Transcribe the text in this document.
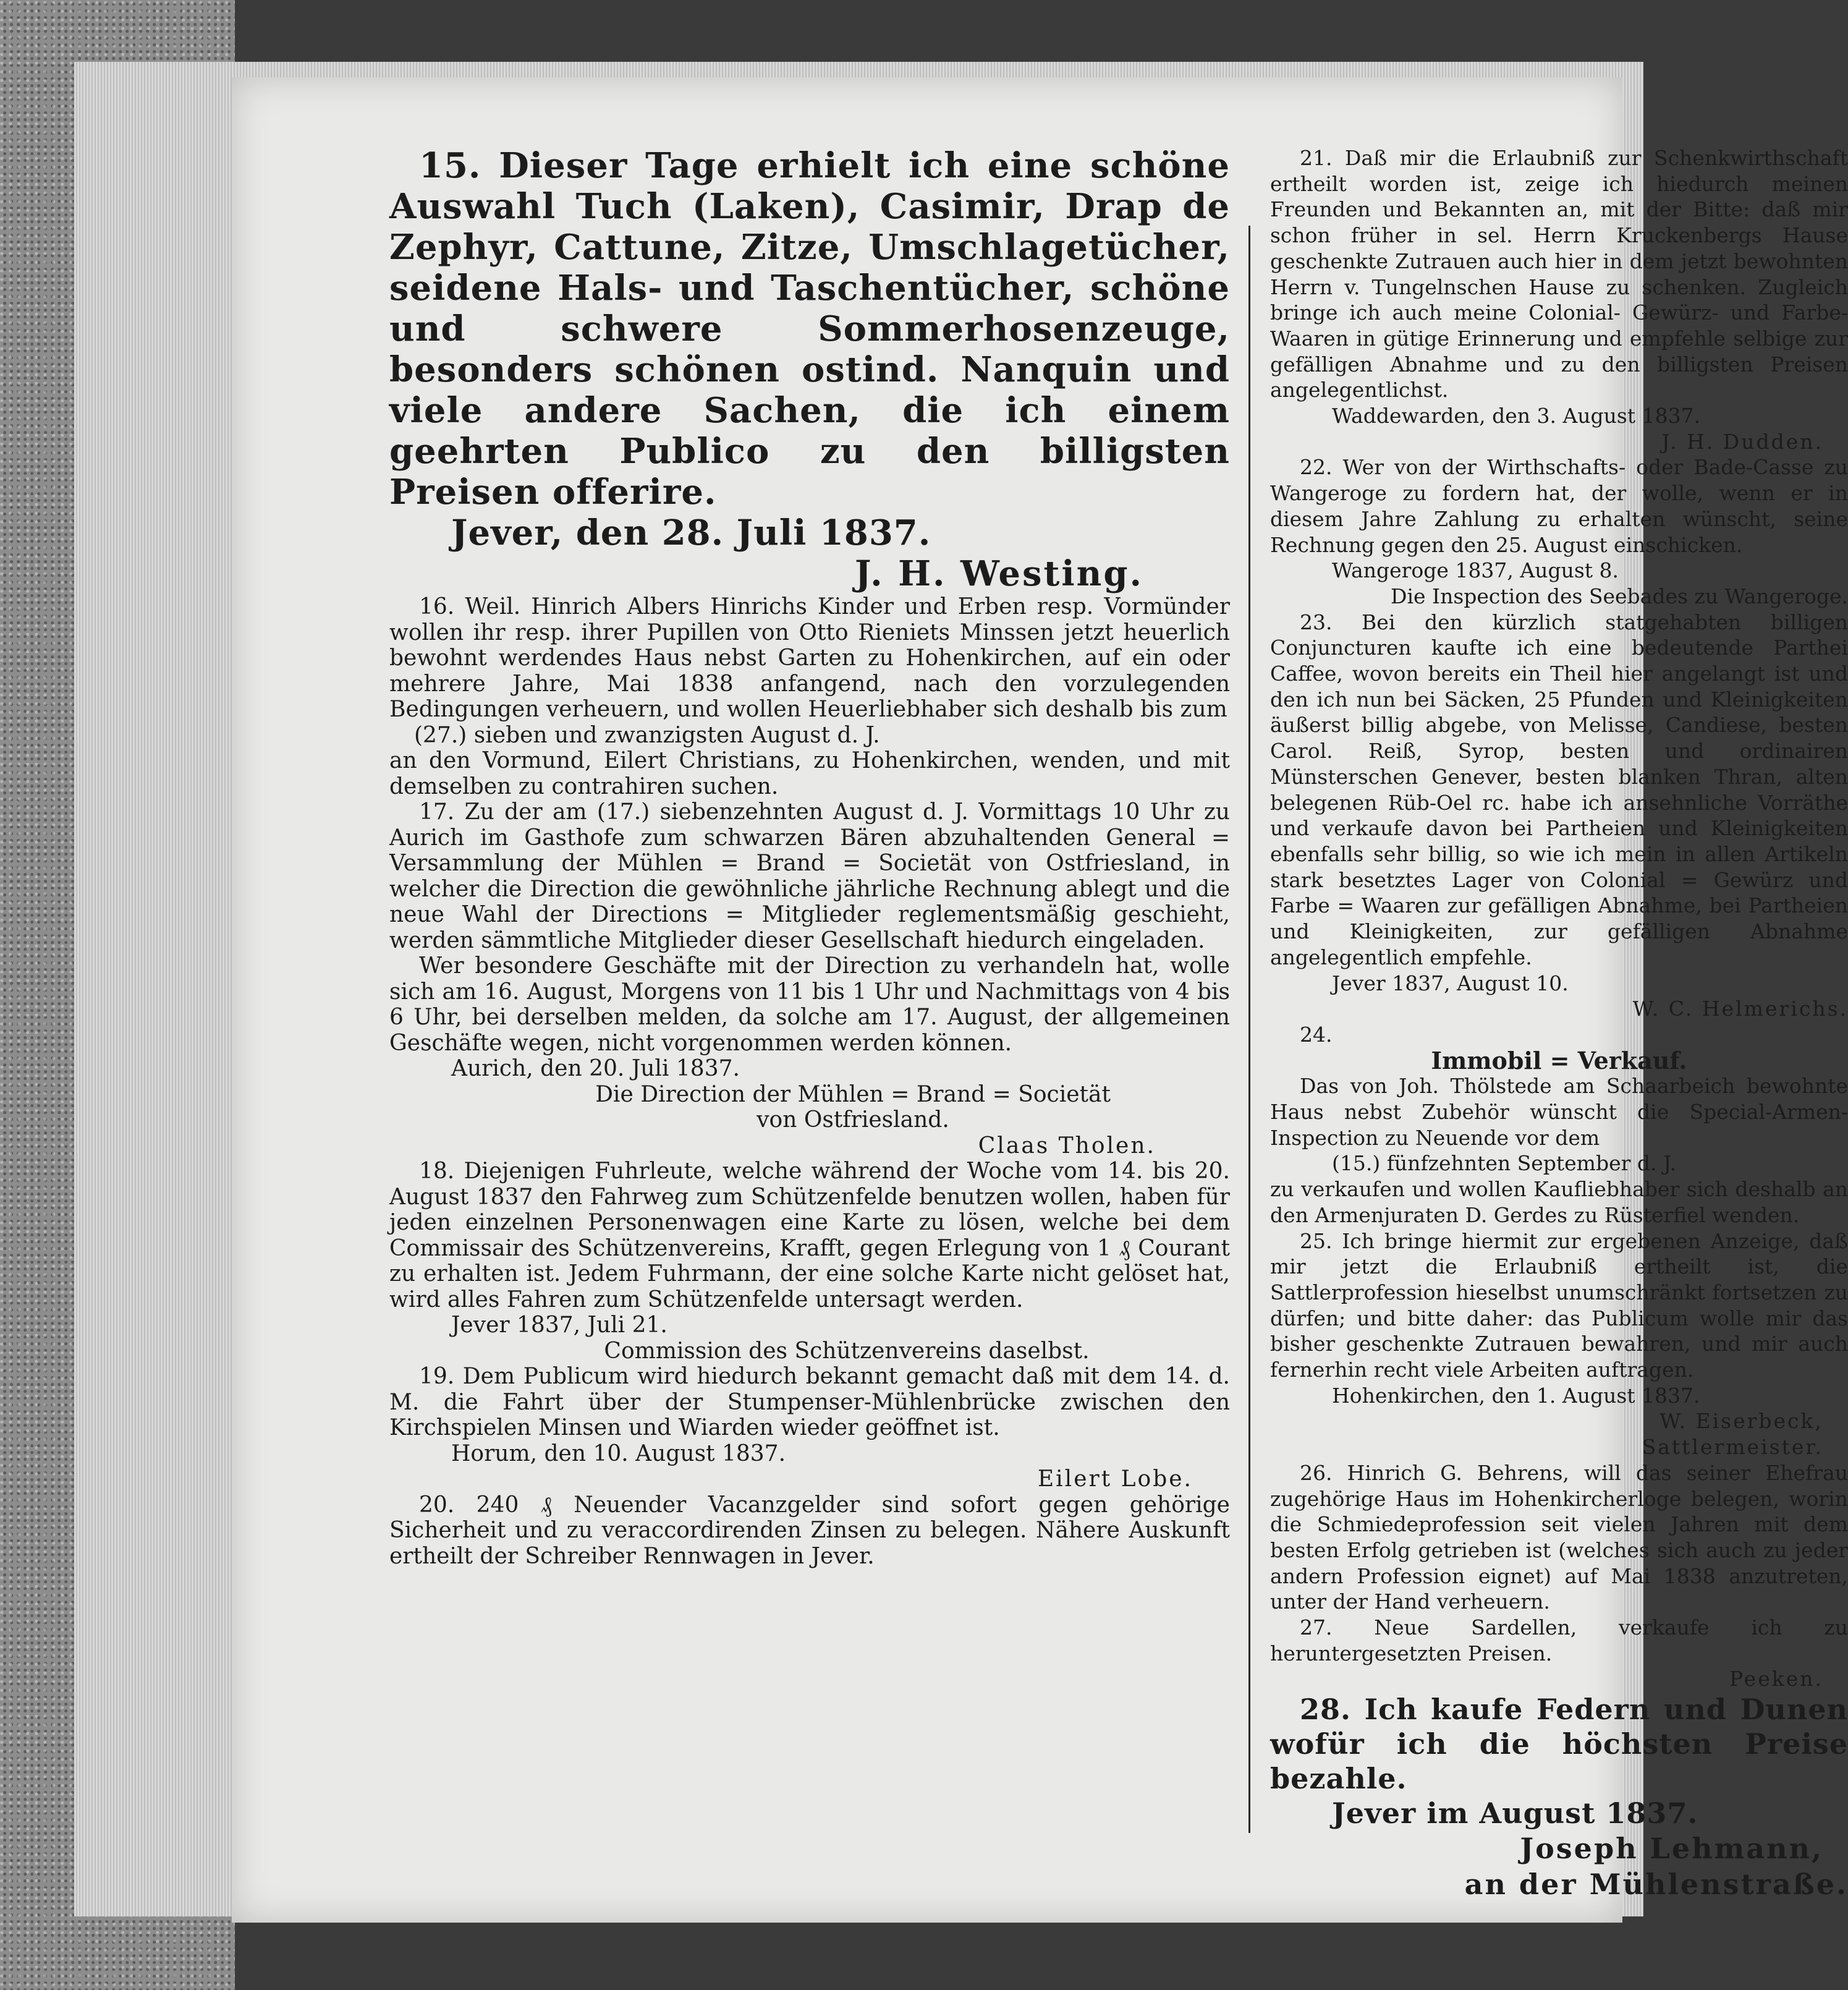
15. Dieser Tage erhielt ich eine schöne Auswahl Tuch (Laken), Casimir, Drap de Zephyr, Cattune, Zitze, Umschlagetücher, seidene Hals- und Taschentücher, schöne und schwere Sommerhosenzeuge, besonders schönen ostind. Nanquin und viele andere Sachen, die ich einem geehrten Publico zu den billigsten Preisen offerire.

Jever, den 28. Juli 1837.

J. H. Westing.

16. Weil. Hinrich Albers Hinrichs Kinder und Erben resp. Vormünder wollen ihr resp. ihrer Pupillen von Otto Rieniets Minssen jetzt heuerlich bewohnt werdendes Haus nebst Garten zu Hohenkirchen, auf ein oder mehrere Jahre, Mai 1838 anfangend, nach den vorzulegenden Bedingungen verheuern, und wollen Heuerliebhaber sich deshalb bis zum

(27.) sieben und zwanzigsten August d. J.

an den Vormund, Eilert Christians, zu Hohenkirchen, wenden, und mit demselben zu contrahiren suchen.

17. Zu der am (17.) siebenzehnten August d. J. Vormittags 10 Uhr zu Aurich im Gasthofe zum schwarzen Bären abzuhaltenden General = Versammlung der Mühlen = Brand = Societät von Ostfriesland, in welcher die Direction die gewöhnliche jährliche Rechnung ablegt und die neue Wahl der Directions = Mitglieder reglementsmäßig geschieht, werden sämmtliche Mitglieder dieser Gesellschaft hiedurch eingeladen.

Wer besondere Geschäfte mit der Direction zu verhandeln hat, wolle sich am 16. August, Morgens von 11 bis 1 Uhr und Nachmittags von 4 bis 6 Uhr, bei derselben melden, da solche am 17. August, der allgemeinen Geschäfte wegen, nicht vorgenommen werden können.

Aurich, den 20. Juli 1837.

Die Direction der Mühlen = Brand = Societät

von Ostfriesland.

Claas Tholen.

18. Diejenigen Fuhrleute, welche während der Woche vom 14. bis 20. August 1837 den Fahrweg zum Schützenfelde benutzen wollen, haben für jeden einzelnen Personenwagen eine Karte zu lösen, welche bei dem Commissair des Schützenvereins, Krafft, gegen Erlegung von 1 ₰ Courant zu erhalten ist. Jedem Fuhrmann, der eine solche Karte nicht gelöset hat, wird alles Fahren zum Schützenfelde untersagt werden.

Jever 1837, Juli 21.

Commission des Schützenvereins daselbst.

19. Dem Publicum wird hiedurch bekannt gemacht daß mit dem 14. d. M. die Fahrt über der Stumpenser-Mühlenbrücke zwischen den Kirchspielen Minsen und Wiarden wieder geöffnet ist.

Horum, den 10. August 1837.

Eilert Lobe.

20. 240 ₰ Neuender Vacanzgelder sind sofort gegen gehörige Sicherheit und zu veraccordirenden Zinsen zu belegen. Nähere Auskunft ertheilt der Schreiber Rennwagen in Jever.

21. Daß mir die Erlaubniß zur Schenkwirthschaft ertheilt worden ist, zeige ich hiedurch meinen Freunden und Bekannten an, mit der Bitte: daß mir schon früher in sel. Herrn Kruckenbergs Hause geschenkte Zutrauen auch hier in dem jetzt bewohnten Herrn v. Tungelnschen Hause zu schenken. Zugleich bringe ich auch meine Colonial- Gewürz- und Farbe-Waaren in gütige Erinnerung und empfehle selbige zur gefälligen Abnahme und zu den billigsten Preisen angelegentlichst.

Waddewarden, den 3. August 1837.

J. H. Dudden.

22. Wer von der Wirthschafts- oder Bade-Casse zu Wangeroge zu fordern hat, der wolle, wenn er in diesem Jahre Zahlung zu erhalten wünscht, seine Rechnung gegen den 25. August einschicken.

Wangeroge 1837, August 8.

Die Inspection des Seebades zu Wangeroge.

23. Bei den kürzlich statgehabten billigen Conjuncturen kaufte ich eine bedeutende Parthei Caffee, wovon bereits ein Theil hier angelangt ist und den ich nun bei Säcken, 25 Pfunden und Kleinigkeiten äußerst billig abgebe, von Melisse, Candiese, besten Carol. Reiß, Syrop, besten und ordinairen Münsterschen Genever, besten blanken Thran, alten belegenen Rüb-Oel rc. habe ich ansehnliche Vorräthe und verkaufe davon bei Partheien und Kleinigkeiten ebenfalls sehr billig, so wie ich mein in allen Artikeln stark besetztes Lager von Colonial = Gewürz und Farbe = Waaren zur gefälligen Abnahme, bei Partheien und Kleinigkeiten, zur gefälligen Abnahme angelegentlich empfehle.

Jever 1837, August 10.

W. C. Helmerichs.

24.

Immobil = Verkauf.

Das von Joh. Thölstede am Schaarbeich bewohnte Haus nebst Zubehör wünscht die Special-Armen-Inspection zu Neuende vor dem

(15.) fünfzehnten September d. J.

zu verkaufen und wollen Kaufliebhaber sich deshalb an den Armenjuraten D. Gerdes zu Rüsterfiel wenden.

25. Ich bringe hiermit zur ergebenen Anzeige, daß mir jetzt die Erlaubniß ertheilt ist, die Sattlerprofession hieselbst unumschränkt fortsetzen zu dürfen; und bitte daher: das Publicum wolle mir das bisher geschenkte Zutrauen bewahren, und mir auch fernerhin recht viele Arbeiten auftragen.

Hohenkirchen, den 1. August 1837.

W. Eiserbeck,

Sattlermeister.

26. Hinrich G. Behrens, will das seiner Ehefrau zugehörige Haus im Hohenkircherloge belegen, worin die Schmiedeprofession seit vielen Jahren mit dem besten Erfolg getrieben ist (welches sich auch zu jeder andern Profession eignet) auf Mai 1838 anzutreten, unter der Hand verheuern.

27. Neue Sardellen, verkaufe ich zu heruntergesetzten Preisen.

Peeken.

28. Ich kaufe Federn und Dunen wofür ich die höchsten Preise bezahle.

Jever im August 1837.

Joseph Lehmann,

an der Mühlenstraße.
